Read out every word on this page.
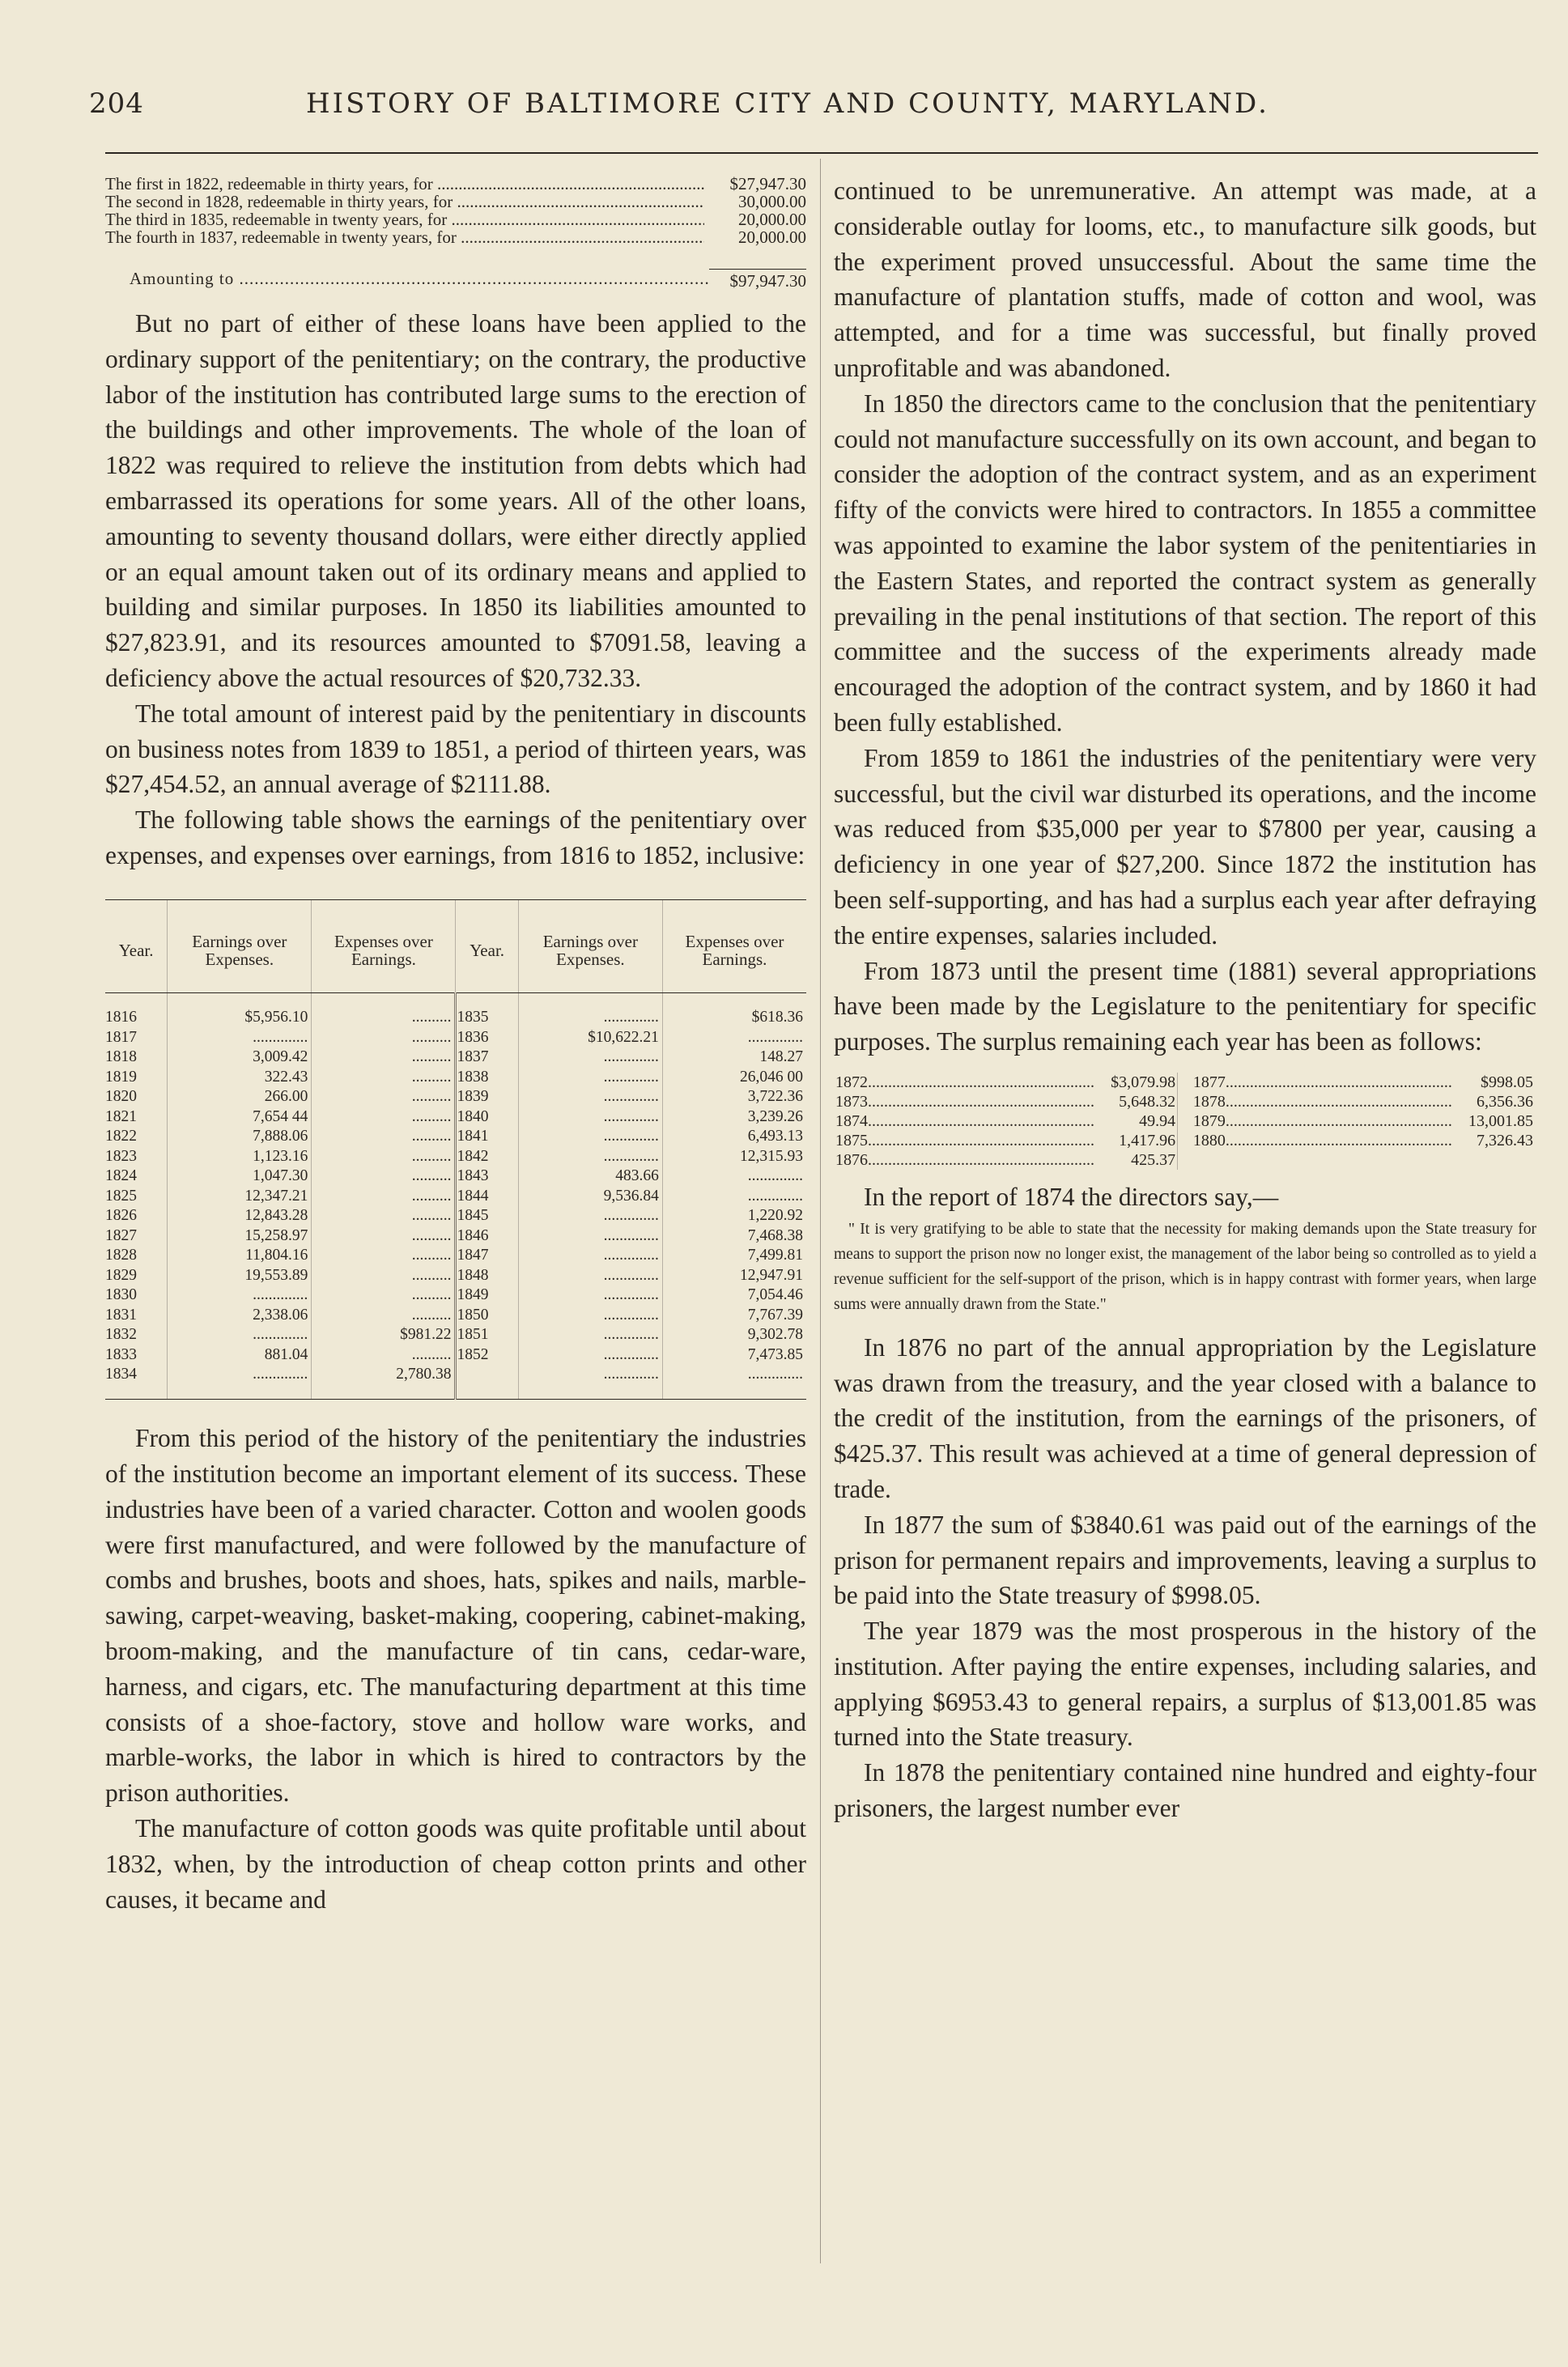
204	HISTORY OF BALTIMORE CITY AND COUNTY, MARYLAND.
The first in 1822, redeemable in thirty years, for .....	$27,947.30
The second in 1828, redeemable in thirty years, for .....	30,000.00
The third in 1835, redeemable in twenty years, for .....	20,000.00
The fourth in 1837, redeemable in twenty years, for .....	20,000.00
Amounting to .....	$97,947.30

But no part of either of these loans have been applied to the ordinary support of the penitentiary; on the contrary, the productive labor of the institution has contributed large sums to the erection of the buildings and other improvements. The whole of the loan of 1822 was required to relieve the institution from debts which had embarrassed its operations for some years. All of the other loans, amounting to seventy thousand dollars, were either directly applied or an equal amount taken out of its ordinary means and applied to building and similar purposes. In 1850 its liabilities amounted to $27,823.91, and its resources amounted to $7091.58, leaving a deficiency above the actual resources of $20,732.33.

The total amount of interest paid by the penitentiary in discounts on business notes from 1839 to 1851, a period of thirteen years, was $27,454.52, an annual average of $2111.88.

The following table shows the earnings of the penitentiary over expenses, and expenses over earnings, from 1816 to 1852, inclusive:

Year.	Earnings over Expenses.	Expenses over Earnings.	Year.	Earnings over Expenses.	Expenses over Earnings.
1816	$5,956.10	..........	1835	..............	$618.36
1817	..............	..........	1836	$10,622.21	..............
1818	3,009.42	..........	1837	..............	148.27
1819	322.43	..........	1838	..............	26,046 00
1820	266.00	..........	1839	..............	3,722.36
1821	7,654 44	..........	1840	..............	3,239.26
1822	7,888.06	..........	1841	..............	6,493.13
1823	1,123.16	..........	1842	..............	12,315.93
1824	1,047.30	..........	1843	483.66	..............
1825	12,347.21	..........	1844	9,536.84	..............
1826	12,843.28	..........	1845	..............	1,220.92
1827	15,258.97	..........	1846	..............	7,468.38
1828	11,804.16	..........	1847	..............	7,499.81
1829	19,553.89	..........	1848	..............	12,947.91
1830	..............	..........	1849	..............	7,054.46
1831	2,338.06	..........	1850	..............	7,767.39
1832	..............	$981.22	1851	..............	9,302.78
1833	881.04	..........	1852	..............	7,473.85
1834	..............	2,780.38		..............	..............

From this period of the history of the penitentiary the industries of the institution become an important element of its success. These industries have been of a varied character. Cotton and woolen goods were first manufactured, and were followed by the manufacture of combs and brushes, boots and shoes, hats, spikes and nails, marble-sawing, carpet-weaving, basket-making, coopering, cabinet-making, broom-making, and the manufacture of tin cans, cedar-ware, harness, and cigars, etc. The manufacturing department at this time consists of a shoe-factory, stove and hollow ware works, and marble-works, the labor in which is hired to contractors by the prison authorities.

The manufacture of cotton goods was quite profitable until about 1832, when, by the introduction of cheap cotton prints and other causes, it became and

continued to be unremunerative. An attempt was made, at a considerable outlay for looms, etc., to manufacture silk goods, but the experiment proved unsuccessful. About the same time the manufacture of plantation stuffs, made of cotton and wool, was attempted, and for a time was successful, but finally proved unprofitable and was abandoned.

In 1850 the directors came to the conclusion that the penitentiary could not manufacture successfully on its own account, and began to consider the adoption of the contract system, and as an experiment fifty of the convicts were hired to contractors. In 1855 a committee was appointed to examine the labor system of the penitentiaries in the Eastern States, and reported the contract system as generally prevailing in the penal institutions of that section. The report of this committee and the success of the experiments already made encouraged the adoption of the contract system, and by 1860 it had been fully established.

From 1859 to 1861 the industries of the penitentiary were very successful, but the civil war disturbed its operations, and the income was reduced from $35,000 per year to $7800 per year, causing a deficiency in one year of $27,200. Since 1872 the institution has been self-supporting, and has had a surplus each year after defraying the entire expenses, salaries included.

From 1873 until the present time (1881) several appropriations have been made by the Legislature to the penitentiary for specific purposes. The surplus remaining each year has been as follows:

1872 .....	$3,079.98		1877 .....	$998.05
1873 .....	5,648.32		1878 .....	6,356.36
1874 .....	49.94		1879 .....	13,001.85
1875 .....	1,417.96		1880 .....	7,326.43
1876 .....	425.37			

In the report of 1874 the directors say,—

" It is very gratifying to be able to state that the necessity for making demands upon the State treasury for means to support the prison now no longer exist, the management of the labor being so controlled as to yield a revenue sufficient for the self-support of the prison, which is in happy contrast with former years, when large sums were annually drawn from the State."

In 1876 no part of the annual appropriation by the Legislature was drawn from the treasury, and the year closed with a balance to the credit of the institution, from the earnings of the prisoners, of $425.37. This result was achieved at a time of general depression of trade.

In 1877 the sum of $3840.61 was paid out of the earnings of the prison for permanent repairs and improvements, leaving a surplus to be paid into the State treasury of $998.05.

The year 1879 was the most prosperous in the history of the institution. After paying the entire expenses, including salaries, and applying $6953.43 to general repairs, a surplus of $13,001.85 was turned into the State treasury.

In 1878 the penitentiary contained nine hundred and eighty-four prisoners, the largest number ever
